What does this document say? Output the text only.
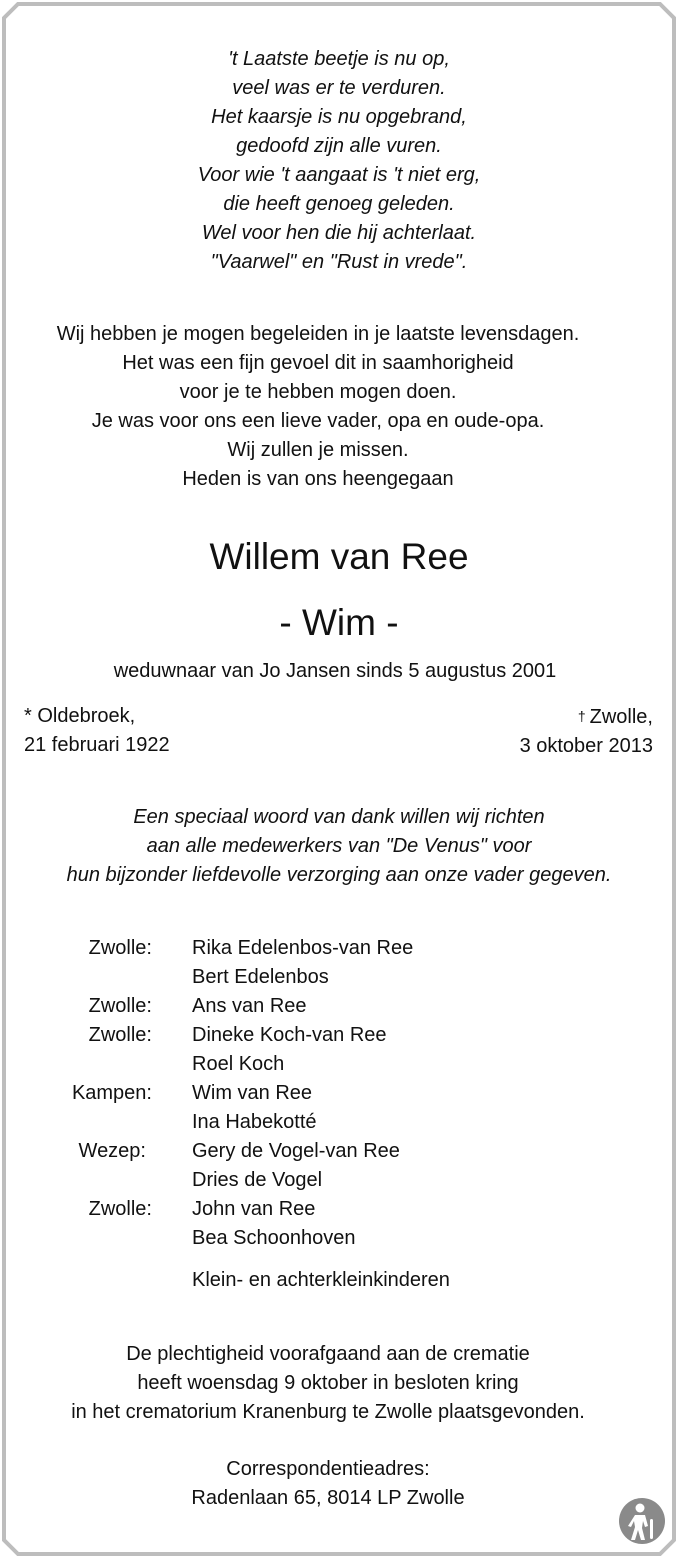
't Laatste beetje is nu op,
veel was er te verduren.
Het kaarsje is nu opgebrand,
gedoofd zijn alle vuren.
Voor wie 't aangaat is 't niet erg,
die heeft genoeg geleden.
Wel voor hen die hij achterlaat.
"Vaarwel" en "Rust in vrede".
Wij hebben je mogen begeleiden in je laatste levensdagen.
Het was een fijn gevoel dit in saamhorigheid
voor je te hebben mogen doen.
Je was voor ons een lieve vader, opa en oude-opa.
Wij zullen je missen.
Heden is van ons heengegaan
Willem van Ree
- Wim -
weduwnaar van Jo Jansen sinds 5 augustus 2001
* Oldebroek,
21 februari 1922
† Zwolle,
3 oktober 2013
Een speciaal woord van dank willen wij richten
aan alle medewerkers van "De Venus" voor
hun bijzonder liefdevolle verzorging aan onze vader gegeven.
Zwolle: Rika Edelenbos-van Ree
Bert Edelenbos
Zwolle: Ans van Ree
Zwolle: Dineke Koch-van Ree
Roel Koch
Kampen: Wim van Ree
Ina Habekotté
Wezep: Gery de Vogel-van Ree
Dries de Vogel
Zwolle: John van Ree
Bea Schoonhoven
Klein- en achterkleinkinderen
De plechtigheid voorafgaand aan de crematie
heeft woensdag 9 oktober in besloten kring
in het crematorium Kranenburg te Zwolle plaatsgevonden.
Correspondentieadres:
Radenlaan 65, 8014 LP Zwolle
